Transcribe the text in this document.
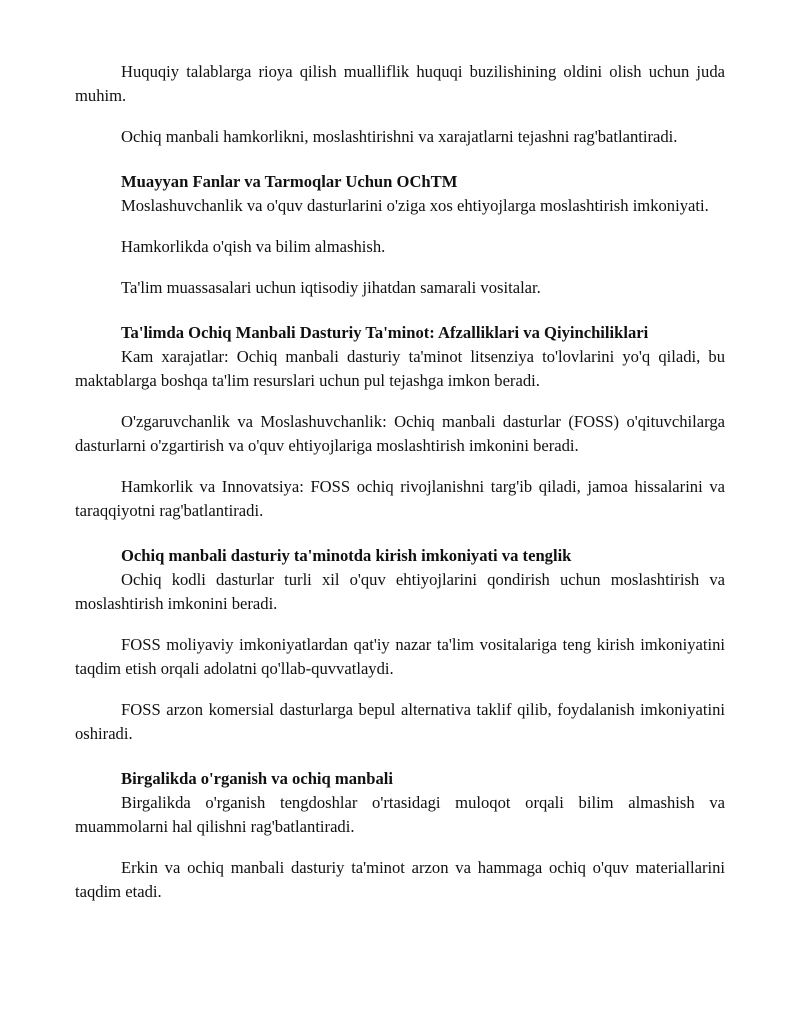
Huquqiy talablarga rioya qilish mualliflik huquqi buzilishining oldini olish uchun juda muhim.

Ochiq manbali hamkorlikni, moslashtirishni va xarajatlarni tejashni rag'batlantiradi.

Muayyan Fanlar va Tarmoqlar Uchun OChTM

Moslashuvchanlik va o'quv dasturlarini o'ziga xos ehtiyojlarga moslashtirish imkoniyati.

Hamkorlikda o'qish va bilim almashish.

Ta'lim muassasalari uchun iqtisodiy jihatdan samarali vositalar.

Ta'limda Ochiq Manbali Dasturiy Ta'minot: Afzalliklari va Qiyinchiliklari

Kam xarajatlar: Ochiq manbali dasturiy ta'minot litsenziya to'lovlarini yo'q qiladi, bu maktablarga boshqa ta'lim resurslari uchun pul tejashga imkon beradi.

O'zgaruvchanlik va Moslashuvchanlik: Ochiq manbali dasturlar (FOSS) o'qituvchilarga dasturlarni o'zgartirish va o'quv ehtiyojlariga moslashtirish imkonini beradi.

Hamkorlik va Innovatsiya: FOSS ochiq rivojlanishni targ'ib qiladi, jamoa hissalarini va taraqqiyotni rag'batlantiradi.

Ochiq manbali dasturiy ta'minotda kirish imkoniyati va tenglik

Ochiq kodli dasturlar turli xil o'quv ehtiyojlarini qondirish uchun moslashtirish va moslashtirish imkonini beradi.

FOSS moliyaviy imkoniyatlardan qat'iy nazar ta'lim vositalariga teng kirish imkoniyatini taqdim etish orqali adolatni qo'llab-quvvatlaydi.

FOSS arzon komersial dasturlarga bepul alternativa taklif qilib, foydalanish imkoniyatini oshiradi.

Birgalikda o'rganish va ochiq manbali

Birgalikda o'rganish tengdoshlar o'rtasidagi muloqot orqali bilim almashish va muammolarni hal qilishni rag'batlantiradi.

Erkin va ochiq manbali dasturiy ta'minot arzon va hammaga ochiq o'quv materiallarini taqdim etadi.
